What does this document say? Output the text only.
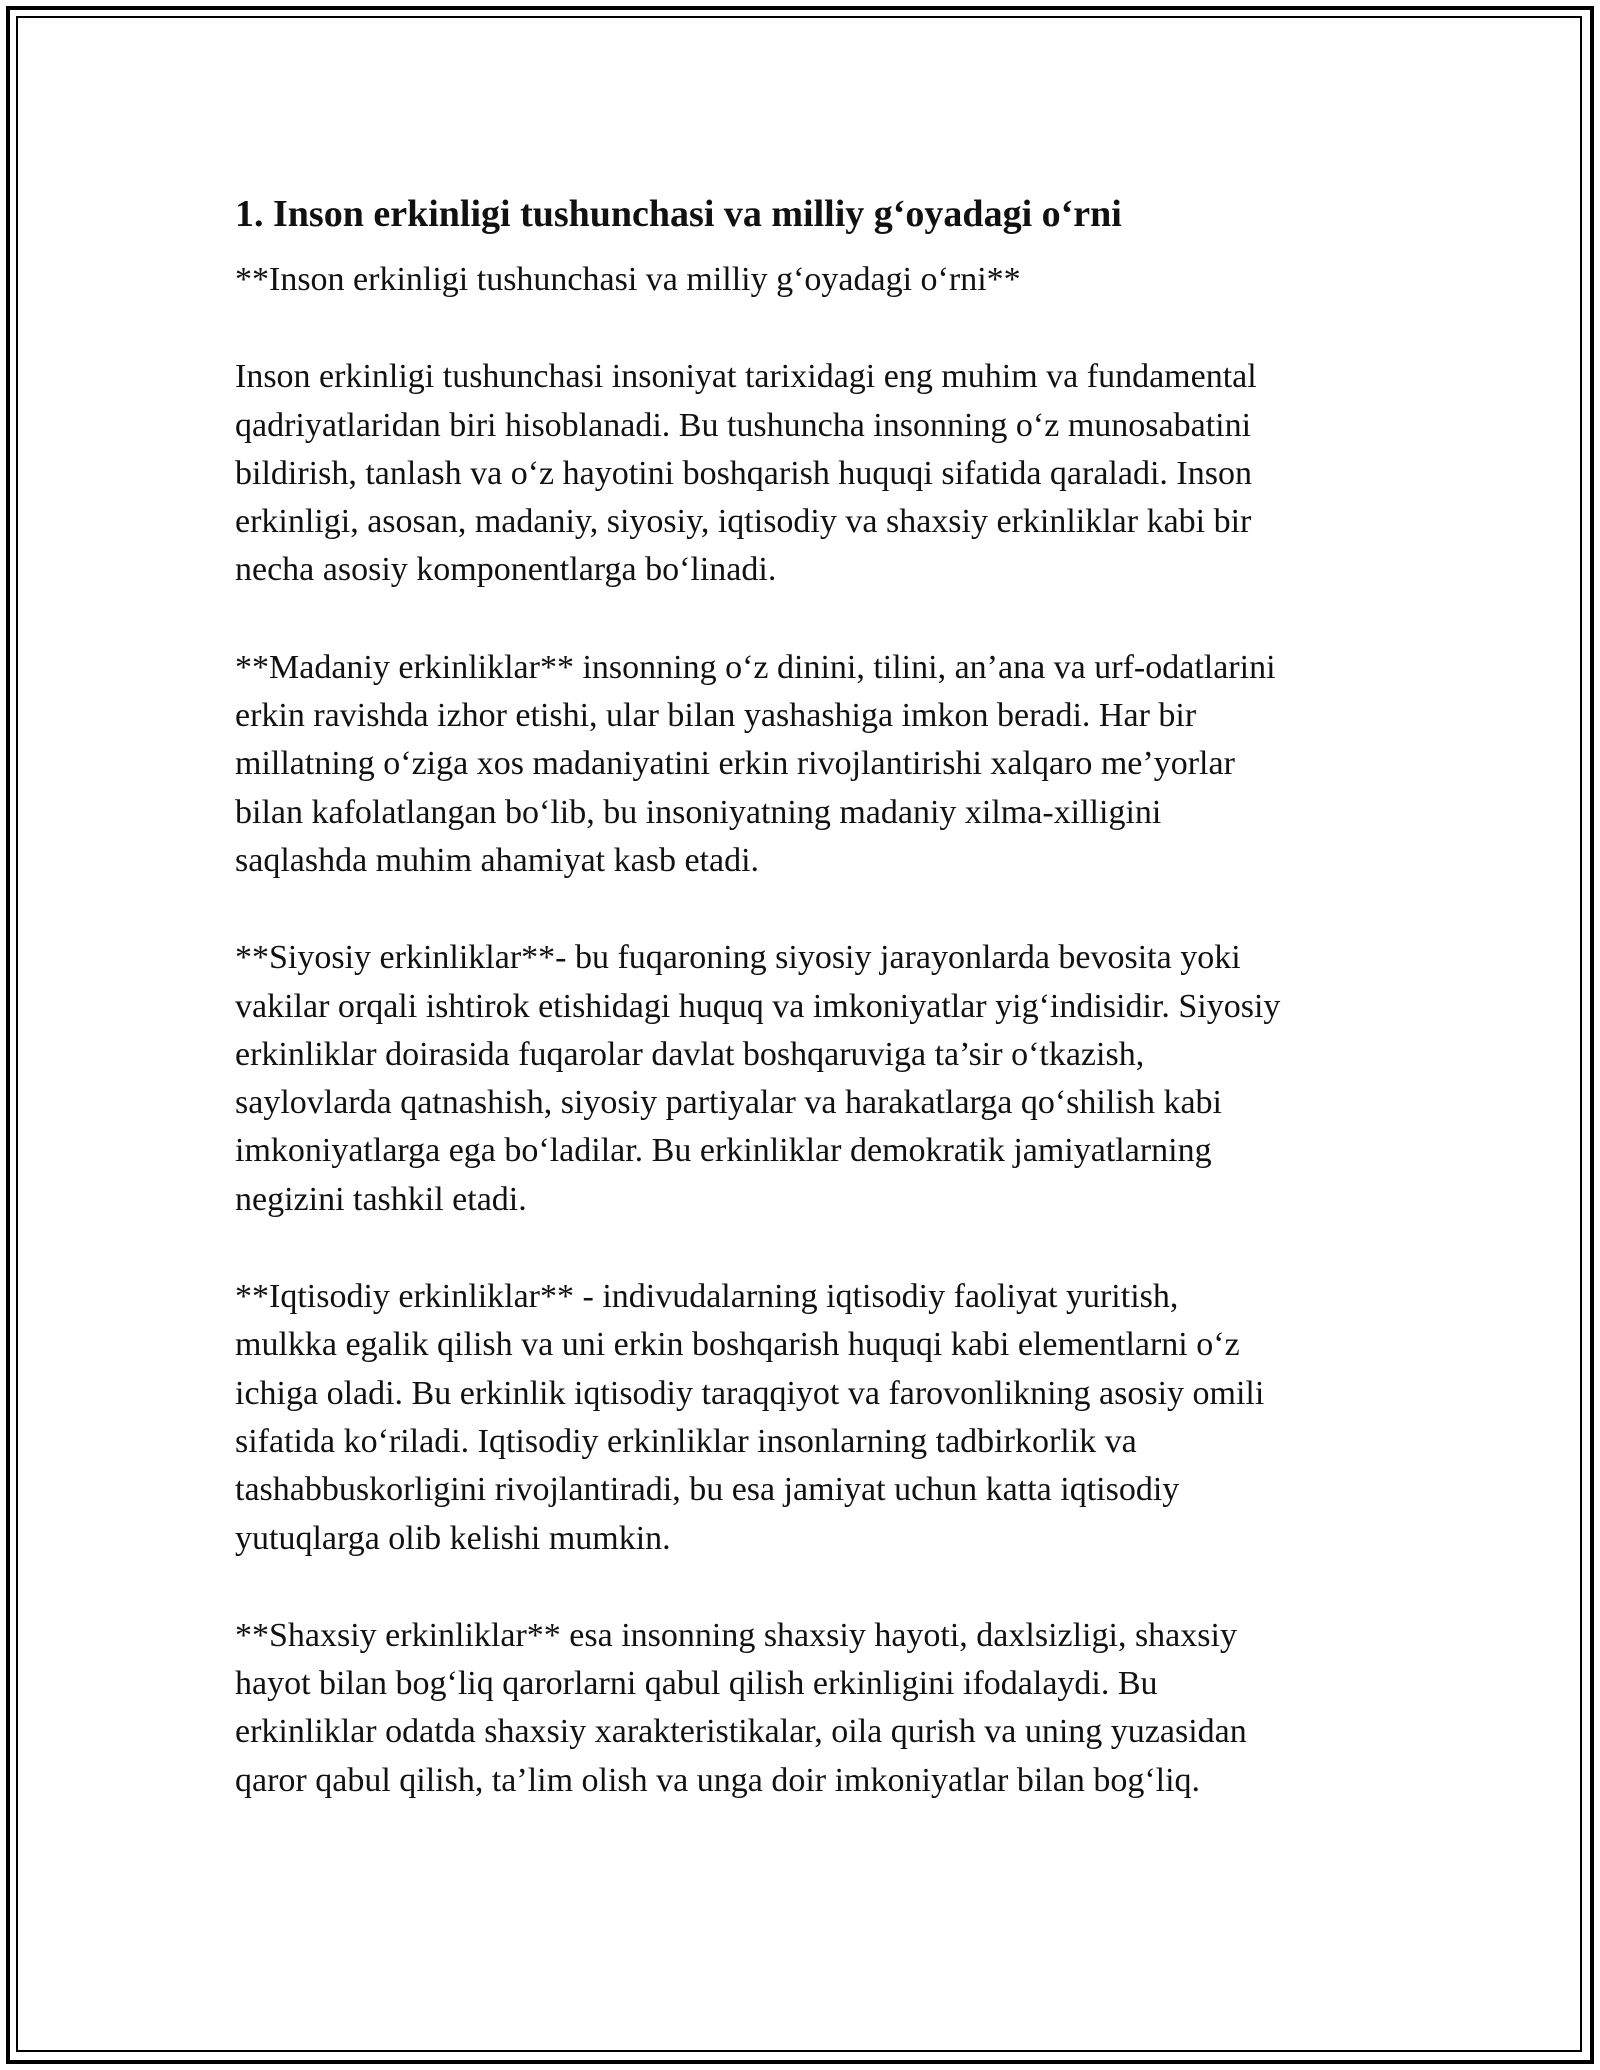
1. Inson erkinligi tushunchasi va milliy g‘oyadagi o‘rni

**Inson erkinligi tushunchasi va milliy g‘oyadagi o‘rni**

Inson erkinligi tushunchasi insoniyat tarixidagi eng muhim va fundamental
qadriyatlaridan biri hisoblanadi. Bu tushuncha insonning o‘z munosabatini
bildirish, tanlash va o‘z hayotini boshqarish huquqi sifatida qaraladi. Inson
erkinligi, asosan, madaniy, siyosiy, iqtisodiy va shaxsiy erkinliklar kabi bir
necha asosiy komponentlarga bo‘linadi.

**Madaniy erkinliklar** insonning o‘z dinini, tilini, an’ana va urf-odatlarini
erkin ravishda izhor etishi, ular bilan yashashiga imkon beradi. Har bir
millatning o‘ziga xos madaniyatini erkin rivojlantirishi xalqaro me’yorlar
bilan kafolatlangan bo‘lib, bu insoniyatning madaniy xilma-xilligini
saqlashda muhim ahamiyat kasb etadi.

**Siyosiy erkinliklar**- bu fuqaroning siyosiy jarayonlarda bevosita yoki
vakilar orqali ishtirok etishidagi huquq va imkoniyatlar yig‘indisidir. Siyosiy
erkinliklar doirasida fuqarolar davlat boshqaruviga ta’sir o‘tkazish,
saylovlarda qatnashish, siyosiy partiyalar va harakatlarga qo‘shilish kabi
imkoniyatlarga ega bo‘ladilar. Bu erkinliklar demokratik jamiyatlarning
negizini tashkil etadi.

**Iqtisodiy erkinliklar** - indivudalarning iqtisodiy faoliyat yuritish,
mulkka egalik qilish va uni erkin boshqarish huquqi kabi elementlarni o‘z
ichiga oladi. Bu erkinlik iqtisodiy taraqqiyot va farovonlikning asosiy omili
sifatida ko‘riladi. Iqtisodiy erkinliklar insonlarning tadbirkorlik va
tashabbuskorligini rivojlantiradi, bu esa jamiyat uchun katta iqtisodiy
yutuqlarga olib kelishi mumkin.

**Shaxsiy erkinliklar** esa insonning shaxsiy hayoti, daxlsizligi, shaxsiy
hayot bilan bog‘liq qarorlarni qabul qilish erkinligini ifodalaydi. Bu
erkinliklar odatda shaxsiy xarakteristikalar, oila qurish va uning yuzasidan
qaror qabul qilish, ta’lim olish va unga doir imkoniyatlar bilan bog‘liq.
